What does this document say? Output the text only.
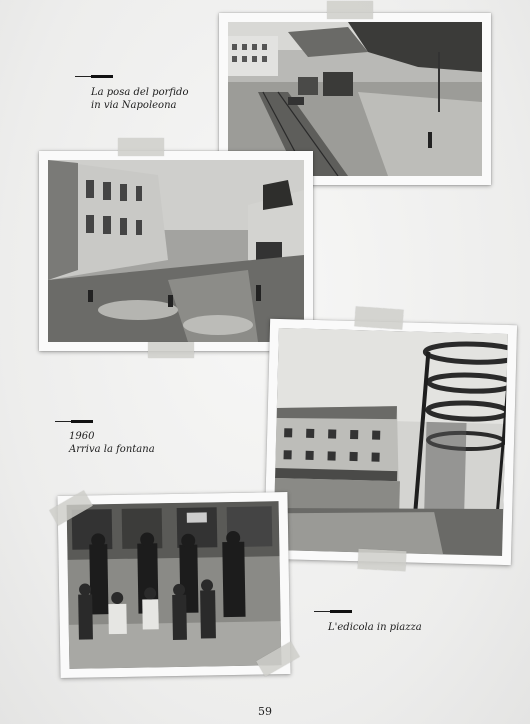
La posa del porfido
in via Napoleona
1960
Arriva la fontana
L'edicola in piazza
59
